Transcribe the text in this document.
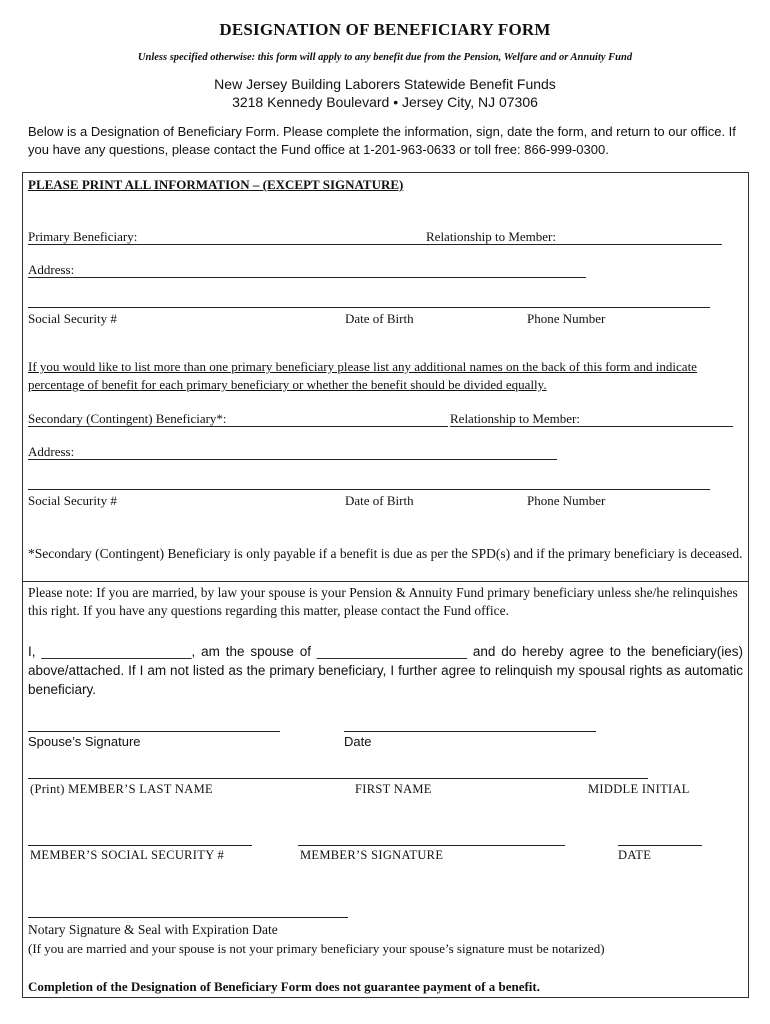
DESIGNATION OF BENEFICIARY FORM
Unless specified otherwise: this form will apply to any benefit due from the Pension, Welfare and or Annuity Fund
New Jersey Building Laborers Statewide Benefit Funds
3218 Kennedy Boulevard • Jersey City, NJ 07306
Below is a Designation of Beneficiary Form. Please complete the information, sign, date the form, and return to our office. If you have any questions, please contact the Fund office at 1-201-963-0633 or toll free: 866-999-0300.
PLEASE PRINT ALL INFORMATION – (EXCEPT SIGNATURE)
Primary Beneficiary:	Relationship to Member:
Address:
Social Security #	Date of Birth	Phone Number
If you would like to list more than one primary beneficiary please list any additional names on the back of this form and indicate percentage of benefit for each primary beneficiary or whether the benefit should be divided equally.
Secondary (Contingent) Beneficiary*:	Relationship to Member:
Address:
Social Security #	Date of Birth	Phone Number
*Secondary (Contingent) Beneficiary is only payable if a benefit is due as per the SPD(s) and if the primary beneficiary is deceased.
Please note: If you are married, by law your spouse is your Pension & Annuity Fund primary beneficiary unless she/he relinquishes this right. If you have any questions regarding this matter, please contact the Fund office.
I, ____________________, am the spouse of ____________________ and do hereby agree to the beneficiary(ies) above/attached. If I am not listed as the primary beneficiary, I further agree to relinquish my spousal rights as automatic beneficiary.
Spouse’s Signature	Date
(Print) MEMBER’S LAST NAME	FIRST NAME	MIDDLE INITIAL
MEMBER’S SOCIAL SECURITY #	MEMBER’S SIGNATURE	DATE
Notary Signature & Seal with Expiration Date
(If you are married and your spouse is not your primary beneficiary your spouse’s signature must be notarized)
Completion of the Designation of Beneficiary Form does not guarantee payment of a benefit.
